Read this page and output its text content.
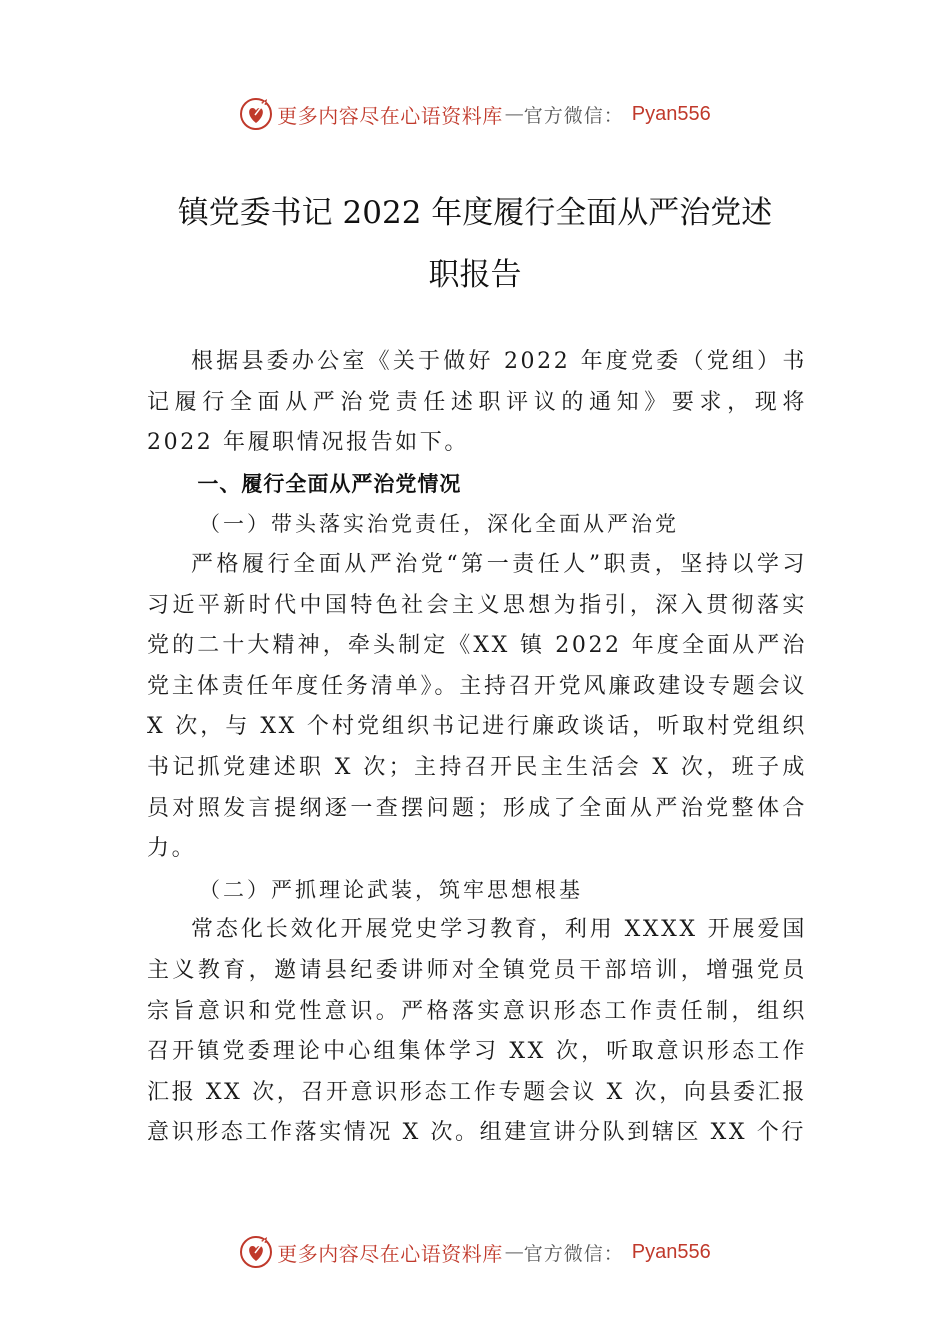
更多内容尽在心语资料库 — 官方微信： Pyan556
镇党委书记 2022 年度履行全面从严治党述
职报告

根据县委办公室《关于做好 2022 年度党委（党组）书记履行全面从严治党责任述职评议的通知》要求，现将 2022 年履职情况报告如下。

一、履行全面从严治党情况

（一）带头落实治党责任，深化全面从严治党

严格履行全面从严治党“第一责任人”职责，坚持以学习习近平新时代中国特色社会主义思想为指引，深入贯彻落实党的二十大精神，牵头制定《XX 镇 2022 年度全面从严治党主体责任年度任务清单》。主持召开党风廉政建设专题会议 X 次，与 XX 个村党组织书记进行廉政谈话，听取村党组织书记抓党建述职 X 次；主持召开民主生活会 X 次，班子成员对照发言提纲逐一查摆问题；形成了全面从严治党整体合力。

（二）严抓理论武装，筑牢思想根基

常态化长效化开展党史学习教育，利用 XXXX 开展爱国主义教育，邀请县纪委讲师对全镇党员干部培训，增强党员宗旨意识和党性意识。严格落实意识形态工作责任制，组织召开镇党委理论中心组集体学习 XX 次，听取意识形态工作汇报 XX 次，召开意识形态工作专题会议 X 次，向县委汇报意识形态工作落实情况 X 次。组建宣讲分队到辖区 XX 个行

更多内容尽在心语资料库 — 官方微信： Pyan556
